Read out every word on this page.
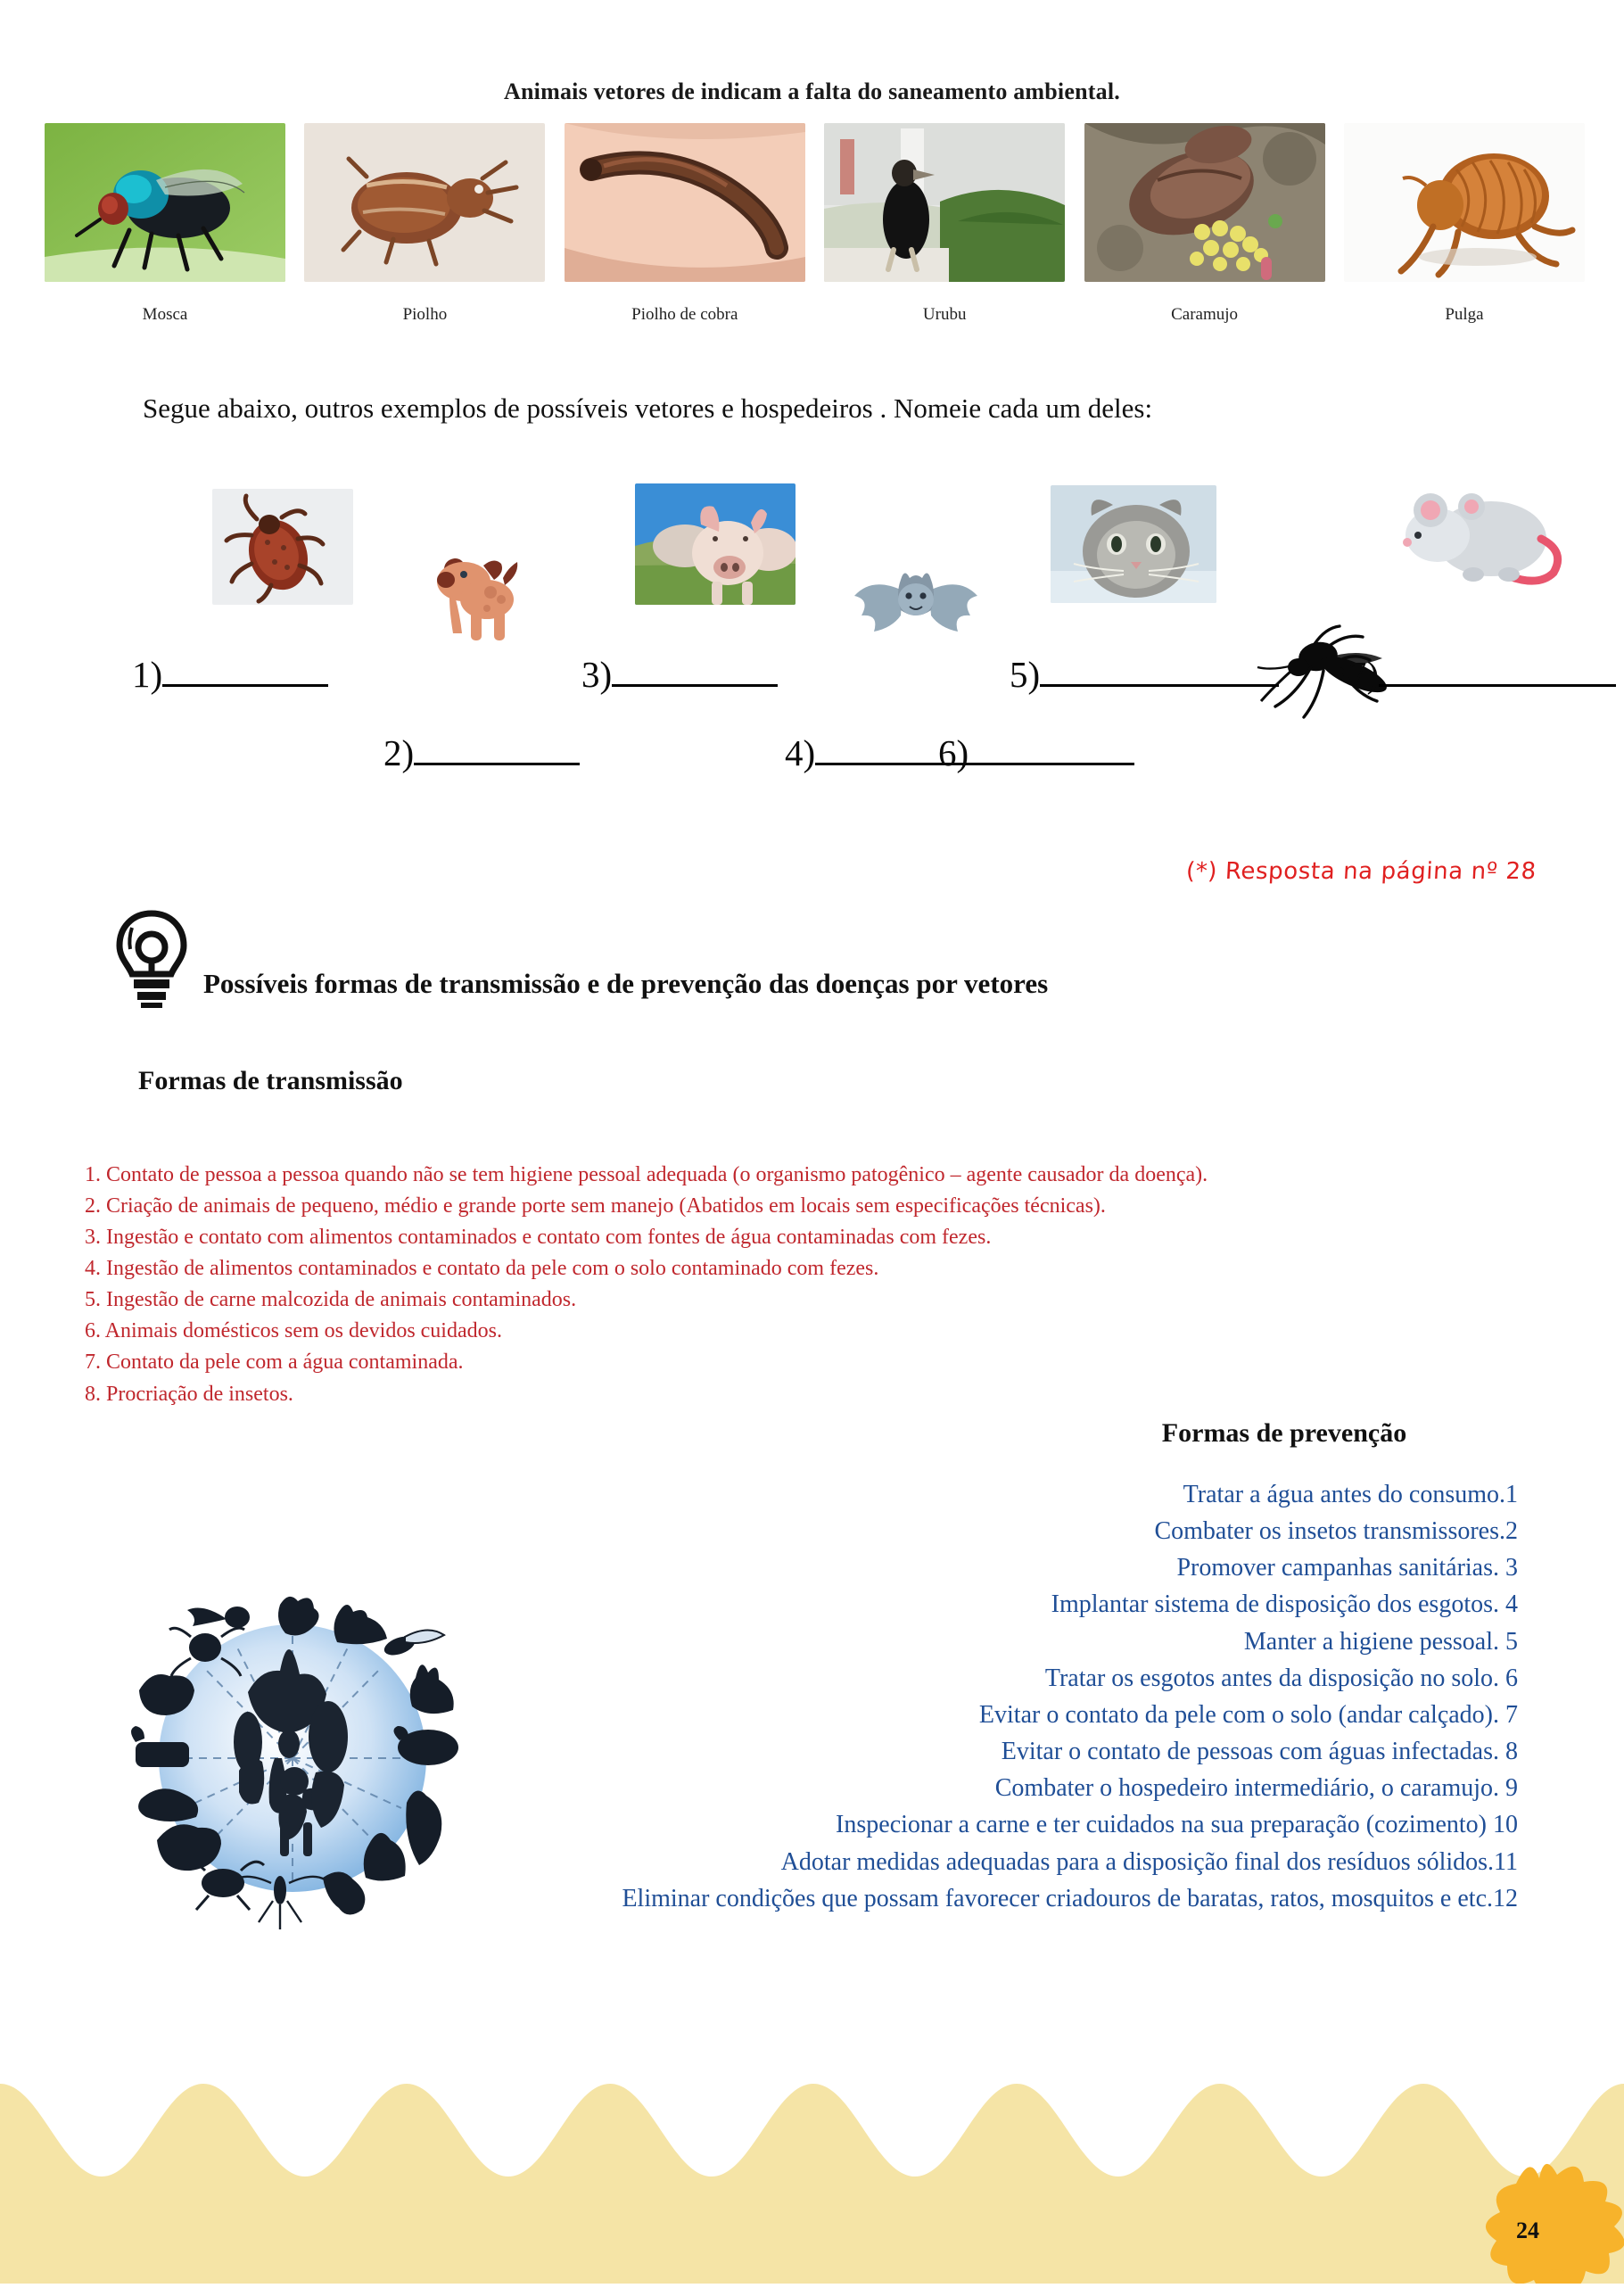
Animais vetores de indicam a falta do saneamento ambiental.
Mosca	Piolho	Piolho de cobra	Urubu	Caramujo	Pulga
Segue abaixo, outros exemplos de possíveis vetores e hospedeiros . Nomeie cada um deles:
1)
2)
3)
4)
5)
6)
7)
(*) Resposta na página nº 28
Possíveis formas de transmissão e de prevenção das doenças por vetores
Formas de transmissão

1. Contato de pessoa a pessoa quando não se tem higiene pessoal adequada (o organismo patogênico – agente causador da doença).

2. Criação de animais de pequeno, médio e grande porte sem manejo (Abatidos em locais sem especificações técnicas).

3. Ingestão e contato com alimentos contaminados e contato com fontes de água contaminadas com fezes.

4. Ingestão de alimentos contaminados e contato da pele com o solo contaminado com fezes.

5. Ingestão de carne malcozida de animais contaminados.

6. Animais domésticos sem os devidos cuidados.

7. Contato da pele com a água contaminada.

8. Procriação de insetos.

Formas de prevenção

Tratar a água antes do consumo.1

Combater os insetos transmissores.2

Promover campanhas sanitárias. 3

Implantar sistema de disposição dos esgotos. 4

Manter a higiene pessoal. 5

Tratar os esgotos antes da disposição no solo. 6

Evitar o contato da pele com o solo (andar calçado). 7

Evitar o contato de pessoas com águas infectadas. 8

Combater o hospedeiro intermediário, o caramujo. 9

Inspecionar a carne e ter cuidados na sua preparação (cozimento) 10

Adotar medidas adequadas para a disposição final dos resíduos sólidos.11

Eliminar condições que possam favorecer criadouros de baratas, ratos, mosquitos e etc.12

24
